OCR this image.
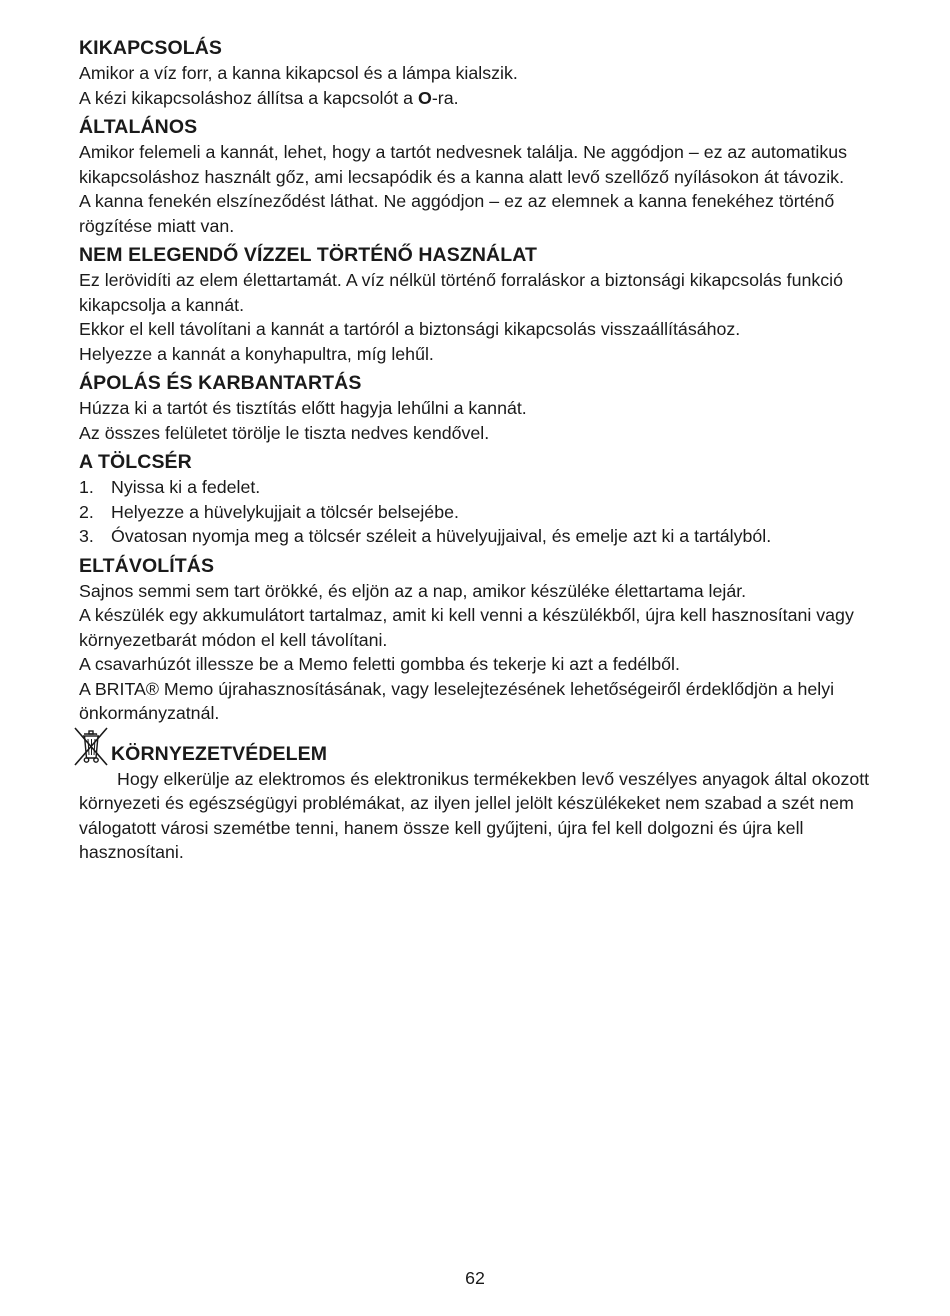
KIKAPCSOLÁS

Amikor a víz forr, a kanna kikapcsol és a lámpa kialszik.

A kézi kikapcsoláshoz állítsa a kapcsolót a O-ra.

ÁLTALÁNOS

Amikor felemeli a kannát, lehet, hogy a tartót nedvesnek találja. Ne aggódjon – ez az automatikus kikapcsoláshoz használt gőz, ami lecsapódik és a kanna alatt levő szellőző nyílásokon át távozik.

A kanna fenekén elszíneződést láthat. Ne aggódjon – ez az elemnek a kanna fenekéhez történő rögzítése miatt van.

NEM ELEGENDŐ VÍZZEL TÖRTÉNŐ HASZNÁLAT

Ez lerövidíti az elem élettartamát. A víz nélkül történő forraláskor a biztonsági kikapcsolás funkció kikapcsolja a kannát.

Ekkor el kell távolítani a kannát a tartóról a biztonsági kikapcsolás visszaállításához.

Helyezze a kannát a konyhapultra, míg lehűl.

ÁPOLÁS ÉS KARBANTARTÁS

Húzza ki a tartót és tisztítás előtt hagyja lehűlni a kannát.

Az összes felületet törölje le tiszta nedves kendővel.

A TÖLCSÉR
1. Nyissa ki a fedelet.
2. Helyezze a hüvelykujjait a tölcsér belsejébe.
3. Óvatosan nyomja meg a tölcsér széleit a hüvelyujjaival, és emelje azt ki a tartályból.
ELTÁVOLÍTÁS

Sajnos semmi sem tart örökké, és eljön az a nap, amikor készüléke élettartama lejár.

A készülék egy akkumulátort tartalmaz, amit ki kell venni a készülékből, újra kell hasznosítani vagy környezetbarát módon el kell távolítani.

A csavarhúzót illessze be a Memo feletti gombba és tekerje ki azt a fedélből.

A BRITA® Memo újrahasznosításának, vagy leselejtezésének lehetőségeiről érdeklődjön a helyi önkormányzatnál.

KÖRNYEZETVÉDELEM

Hogy elkerülje az elektromos és elektronikus termékekben levő veszélyes anyagok által okozott környezeti és egészségügyi problémákat, az ilyen jellel jelölt készülékeket nem szabad a szét nem válogatott városi szemétbe tenni, hanem össze kell gyűjteni, újra fel kell dolgozni és újra kell hasznosítani.

62
